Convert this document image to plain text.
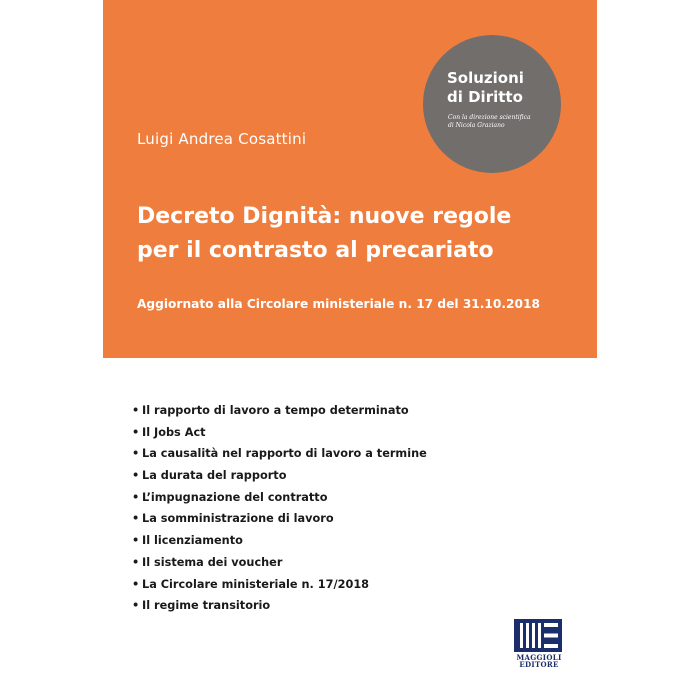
Luigi Andrea Cosattini
Soluzioni
di Diritto
Con la direzione scientifica
di Nicola Graziano
Decreto Dignità: nuove regole
per il contrasto al precariato
Aggiornato alla Circolare ministeriale n. 17 del 31.10.2018
• Il rapporto di lavoro a tempo determinato
• Il Jobs Act
• La causalità nel rapporto di lavoro a termine
• La durata del rapporto
• L’impugnazione del contratto
• La somministrazione di lavoro
• Il licenziamento
• Il sistema dei voucher
• La Circolare ministeriale n. 17/2018
• Il regime transitorio
MAGGIOLI
EDITORE
